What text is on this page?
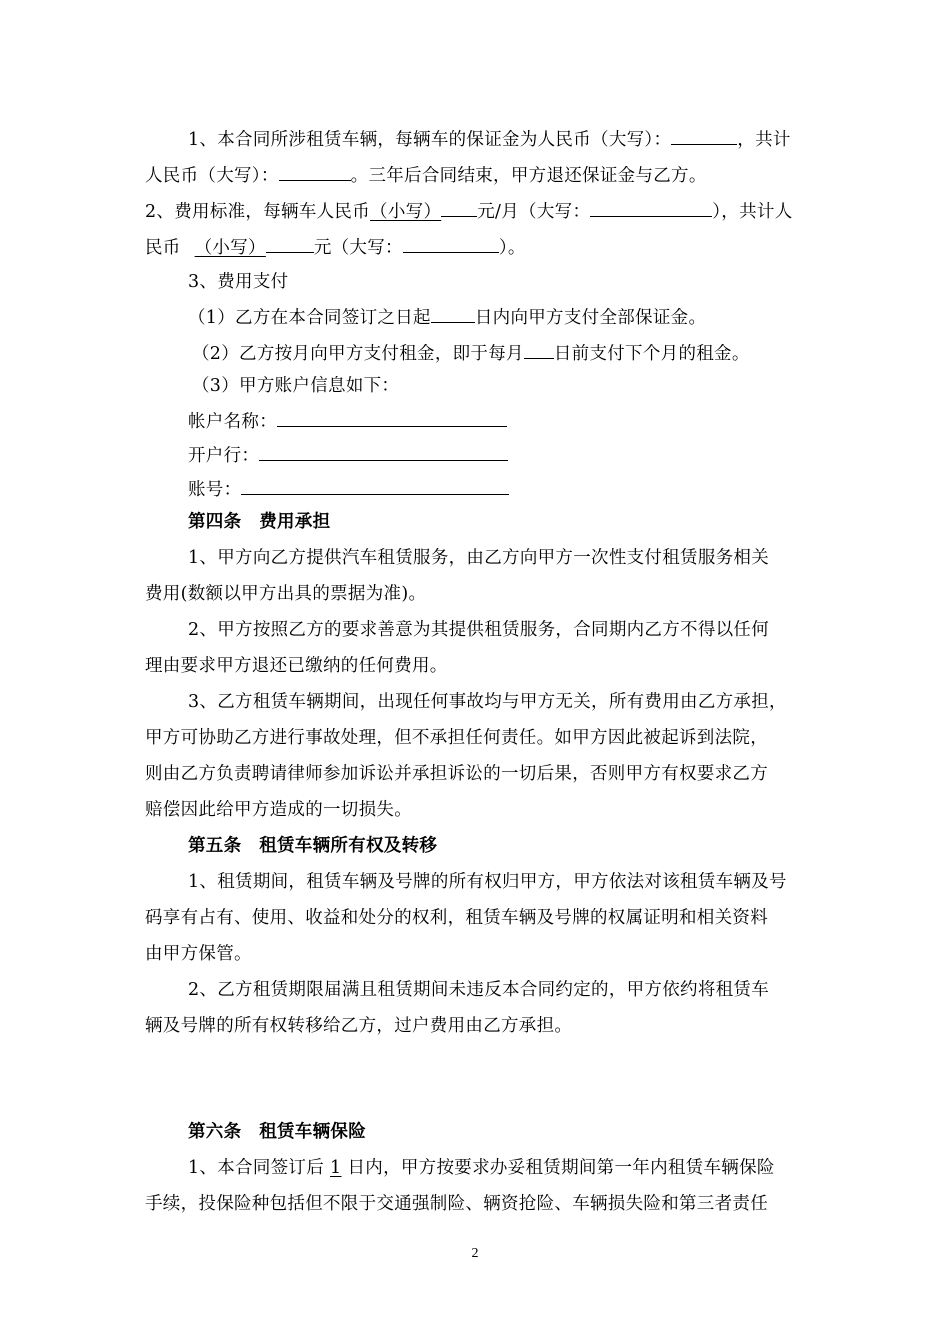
1、本合同所涉租赁车辆，每辆车的保证金为人民币（大写）：	，共计
人民币（大写）：	。三年后合同结束，甲方退还保证金与乙方。
2、费用标准，每辆车人民币（小写） 元/月（大写：	），共计人
民币 （小写）	元（大写：	）。
3、费用支付
（1）乙方在本合同签订之日起	日内向甲方支付全部保证金。
（2）乙方按月向甲方支付租金，即于每月 日前支付下个月的租金。
（3）甲方账户信息如下：
帐户名称：
开户行：
账号：
第四条　费用承担
1、甲方向乙方提供汽车租赁服务，由乙方向甲方一次性支付租赁服务相关
费用(数额以甲方出具的票据为准)。
2、甲方按照乙方的要求善意为其提供租赁服务，合同期内乙方不得以任何
理由要求甲方退还已缴纳的任何费用。
3、乙方租赁车辆期间，出现任何事故均与甲方无关，所有费用由乙方承担，
甲方可协助乙方进行事故处理，但不承担任何责任。如甲方因此被起诉到法院，
则由乙方负责聘请律师参加诉讼并承担诉讼的一切后果，否则甲方有权要求乙方
赔偿因此给甲方造成的一切损失。
第五条　租赁车辆所有权及转移
1、租赁期间，租赁车辆及号牌的所有权归甲方，甲方依法对该租赁车辆及号
码享有占有、使用、收益和处分的权利，租赁车辆及号牌的权属证明和相关资料
由甲方保管。
2、乙方租赁期限届满且租赁期间未违反本合同约定的，甲方依约将租赁车
辆及号牌的所有权转移给乙方，过户费用由乙方承担。
第六条　租赁车辆保险
1、本合同签订后 1 日内，甲方按要求办妥租赁期间第一年内租赁车辆保险
手续，投保险种包括但不限于交通强制险、辆资抢险、车辆损失险和第三者责任
2
